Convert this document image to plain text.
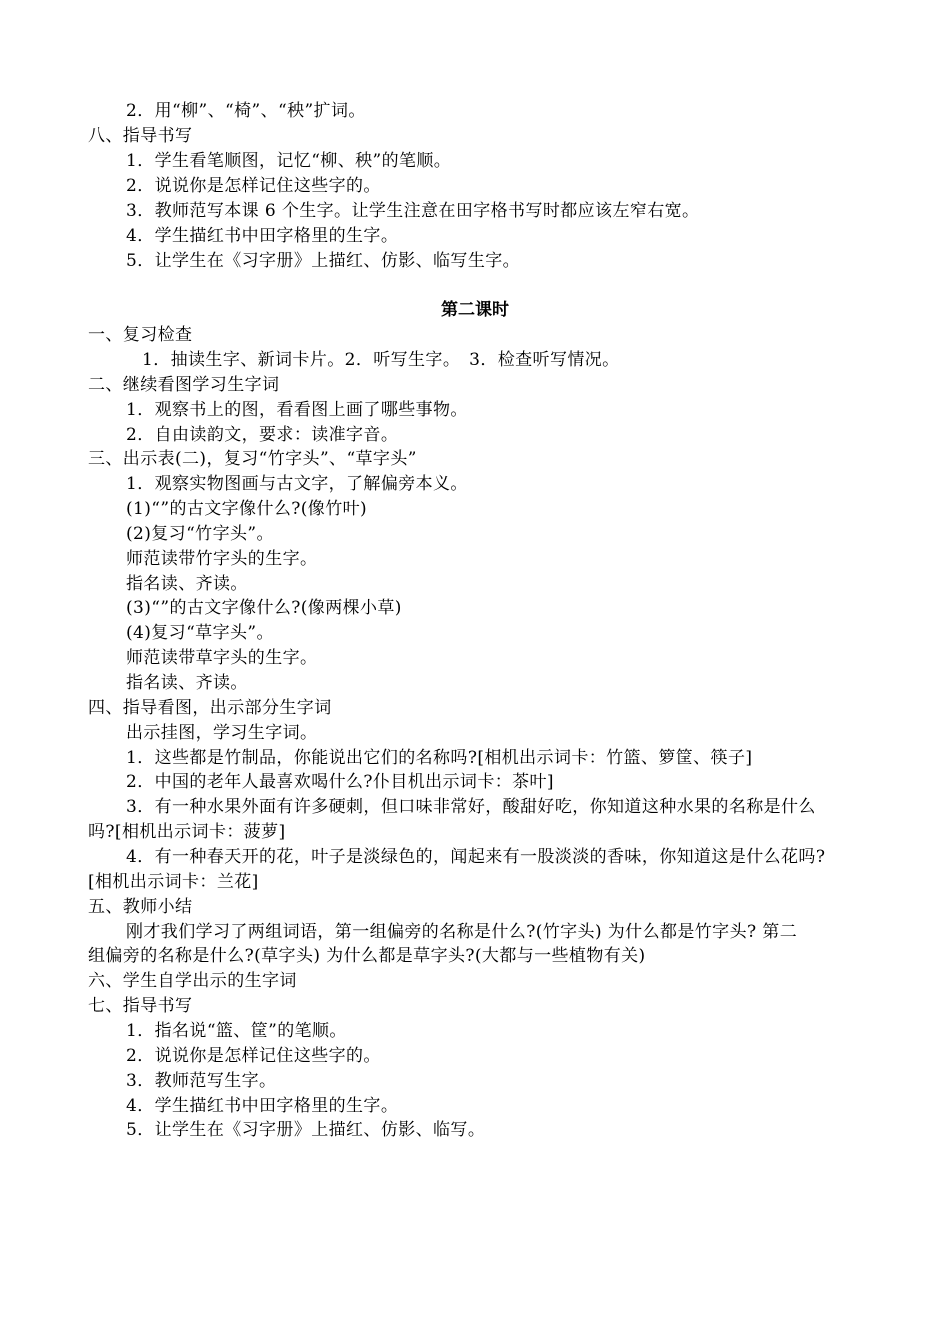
2．用“柳”、“椅”、“秧”扩词。
八、指导书写
1．学生看笔顺图，记忆“柳、秧”的笔顺。
2．说说你是怎样记住这些字的。
3．教师范写本课 6 个生字。让学生注意在田字格书写时都应该左窄右宽。
4．学生描红书中田字格里的生字。
5．让学生在《习字册》上描红、仿影、临写生字。
第二课时
一、复习检查
1．抽读生字、新词卡片。2．听写生字。　3．检查听写情况。
二、继续看图学习生字词
1．观察书上的图，看看图上画了哪些事物。
2．自由读韵文，要求：读准字音。
三、出示表(二)，复习“竹字头”、“草字头”
1．观察实物图画与古文字，了解偏旁本义。
(1)“”的古文字像什么?(像竹叶)
(2)复习“竹字头”。
师范读带竹字头的生字。
指名读、齐读。
(3)“”的古文字像什么?(像两棵小草)
(4)复习“草字头”。
师范读带草字头的生字。
指名读、齐读。
四、指导看图，出示部分生字词
出示挂图，学习生字词。
1．这些都是竹制品，你能说出它们的名称吗?[相机出示词卡：竹篮、箩筐、筷子]
2．中国的老年人最喜欢喝什么?仆目机出示词卡：茶叶]
3．有一种水果外面有许多硬刺，但口味非常好，酸甜好吃，你知道这种水果的名称是什么
吗?[相机出示词卡：菠萝]
4．有一种春天开的花，叶子是淡绿色的，闻起来有一股淡淡的香味，你知道这是什么花吗?
[相机出示词卡：兰花]
五、教师小结
刚才我们学习了两组词语，第一组偏旁的名称是什么?(竹字头) 为什么都是竹字头? 第二
组偏旁的名称是什么?(草字头) 为什么都是草字头?(大都与一些植物有关)
六、学生自学出示的生字词
七、指导书写
1．指名说“篮、筐”的笔顺。
2．说说你是怎样记住这些字的。
3．教师范写生字。
4．学生描红书中田字格里的生字。
5．让学生在《习字册》上描红、仿影、临写。
